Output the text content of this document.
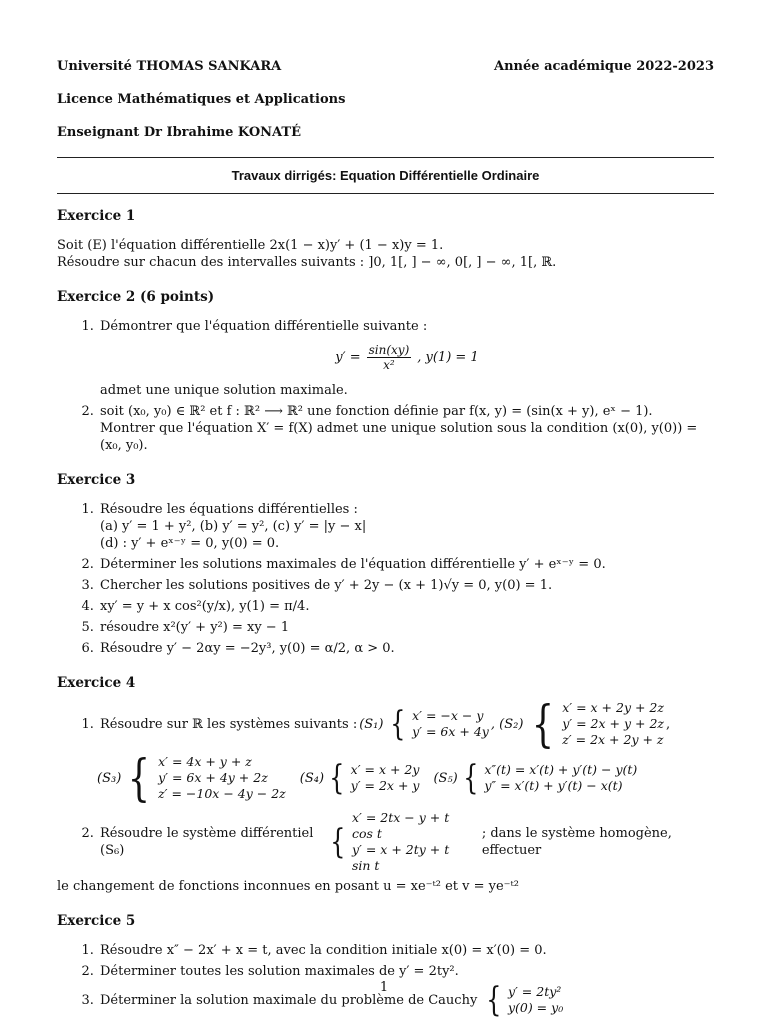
Université THOMAS SANKARA	Année académique 2022-2023
Licence Mathématiques et Applications
Enseignant Dr Ibrahime KONATÉ
Travaux dirrigés: Equation Différentielle Ordinaire
Exercice 1

Soit (E) l'équation différentielle 2x(1 − x)y′ + (1 − x)y = 1.

Résoudre sur chacun des intervalles suivants : ]0, 1[, ] − ∞, 0[, ] − ∞, 1[, ℝ.

Exercice 2 (6 points)
1. Démontrer que l'équation différentielle suivante :
$y' = \frac{\sin(xy)}{\text{x²}}$ , y(1) = 1
admet une unique solution maximale.
2. soit (x₀, y₀) ∈ ℝ² et f : ℝ² ⟶ ℝ² une fonction définie par f(x, y) = (sin(x + y), eˣ − 1).
Montrer que l'équation X′ = f(X) admet une unique solution sous la condition (x(0), y(0)) = (x₀, y₀).
Exercice 3
1. Résoudre les équations différentielles :
(a) y′ = 1 + y², (b) y′ = y², (c) y′ = |y − x|
(d) : y′ + eˣ⁻ʸ = 0, y(0) = 0.
2. Déterminer les solutions maximales de l'équation différentielle y′ + eˣ⁻ʸ = 0.
3. Chercher les solutions positives de y′ + 2y − (x + 1)√y = 0, y(0) = 1.
4. xy′ = y + x cos²(y/x), y(1) = π/4.
5. résoudre x²(y′ + y²) = xy − 1
6. Résoudre y′ − 2αy = −2y³, y(0) = α/2, α > 0.
Exercice 4
1. Résoudre sur ℝ les systèmes suivants : (S₁) { x′ = −x − y
y′ = 6x + 4y , (S₂) { x′ = x + 2y + 2z
y′ = 2x + y + 2z
z′ = 2x + 2y + z
,
(S₃) { x′ = 4x + y + z
y′ = 6x + 4y + 2z
z′ = −10x − 4y − 2z
(S₄) { x′ = x + 2y
y′ = 2x + y (S₅) { x″(t) = x′(t) + y′(t) − y(t)
y″ = x′(t) + y′(t) − x(t)
2. Résoudre le système différentiel (S₆)	{
x′ = 2tx − y + t cos t
y′ = x + 2ty + t sin t
; dans le système homogène, effectuer
le changement de fonctions inconnues en posant u = xe⁻ᵗ² et v = ye⁻ᵗ²
Exercice 5
1. Résoudre x″ − 2x′ + x = t, avec la condition initiale x(0) = x′(0) = 0.
2. Déterminer toutes les solution maximales de y′ = 2ty².
3. Déterminer la solution maximale du problème de Cauchy { y′ = 2ty²
y(0) = y₀
1
